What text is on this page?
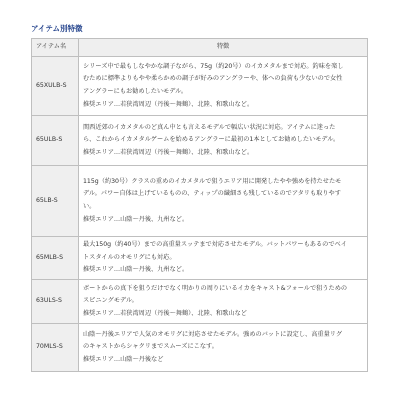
アイテム別特徴
アイテム名	特徴
65XULB-S	シリーズ中で最もしなやかな調子ながら、75g（約20号）のイカメタルまで対応。釣味を楽し
むために標準よりもやや柔らかめの調子が好みのアングラーや、体への負荷も少ないので女性
アングラーにもお勧めしたいモデル。
推奨エリア…若狭湾周辺（丹後〜舞鶴）、北陸、和歌山など。

65ULB-S	関西近郊のイカメタルのど真ん中とも言えるモデルで幅広い状況に対応。アイテムに迷った
ら、これからイカメタルゲームを始めるアングラーに最初の1本としてお勧めしたいモデル。
推奨エリア…若狭湾周辺（丹後〜舞鶴）、北陸、和歌山など。

65LB-S	115g（約30号）クラスの重めのイカメタルで狙うエリア用に開発したやや強めを持たせたモ
デル。パワー自体は上げているものの、ティップの繊細さも残しているのでアタリも取りやす
い。
推奨エリア…山陰〜丹後、九州など。

65MLB-S	最大150g（約40号）までの高重量スッテまで対応させたモデル。バットパワーもあるのでベイ
トスタイルのオモリグにも対応。
推奨エリア…山陰〜丹後、九州など。

63ULS-S	ボートからの真下を狙うだけでなく明かりの周りにいるイカをキャスト&フォールで狙うための
スピニングモデル。
推奨エリア…若狭湾周辺（丹後〜舞鶴）、北陸、和歌山など

70MLS-S	山陰〜丹後エリアで人気のオモリグに対応させたモデル。強めのバットに設定し、高重量リグ
のキャストからシャクリまでスムーズにこなす。
推奨エリア…山陰〜丹後など
